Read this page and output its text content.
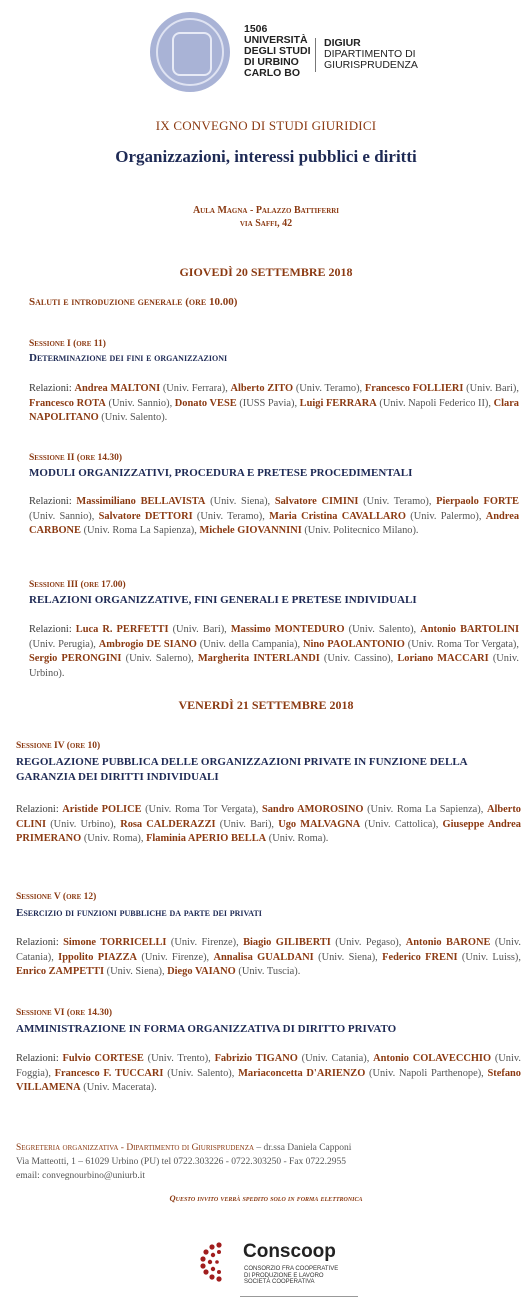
1506
UNIVERSITÀ
DEGLI STUDI
DI URBINO
CARLO BO
DIGIUR
DIPARTIMENTO DI
GIURISPRUDENZA
IX CONVEGNO DI STUDI GIURIDICI
Organizzazioni, interessi pubblici e diritti
Aula Magna - Palazzo Battiferri
via Saffi, 42
GIOVEDÌ 20 SETTEMBRE 2018
Saluti e introduzione generale (ore 10.00)
Sessione I (ore 11)
Determinazione dei fini e organizzazioni
Relazioni: Andrea MALTONI (Univ. Ferrara), Alberto ZITO (Univ. Teramo), Francesco FOLLIERI (Univ. Bari), Francesco ROTA (Univ. Sannio), Donato VESE (IUSS Pavia), Luigi FERRARA (Univ. Napoli Federico II), Clara NAPOLITANO (Univ. Salento).
Sessione II (ore 14.30)
MODULI ORGANIZZATIVI, PROCEDURA E PRETESE PROCEDIMENTALI
Relazioni: Massimiliano BELLAVISTA (Univ. Siena), Salvatore CIMINI (Univ. Teramo), Pierpaolo FORTE (Univ. Sannio), Salvatore DETTORI (Univ. Teramo), Maria Cristina CAVALLARO (Univ. Palermo), Andrea CARBONE (Univ. Roma La Sapienza), Michele GIOVANNINI (Univ. Politecnico Milano).
Sessione III (ore 17.00)
RELAZIONI ORGANIZZATIVE, FINI GENERALI E PRETESE INDIVIDUALI
Relazioni: Luca R. PERFETTI (Univ. Bari), Massimo MONTEDURO (Univ. Salento), Antonio BARTOLINI (Univ. Perugia), Ambrogio DE SIANO (Univ. della Campania), Nino PAOLANTONIO (Univ. Roma Tor Vergata), Sergio PERONGINI (Univ. Salerno), Margherita INTERLANDI (Univ. Cassino), Loriano MACCARI (Univ. Urbino).
VENERDÌ 21 SETTEMBRE 2018
Sessione IV (ore 10)
REGOLAZIONE PUBBLICA DELLE ORGANIZZAZIONI PRIVATE IN FUNZIONE DELLA GARANZIA DEI DIRITTI INDIVIDUALI
Relazioni: Aristide POLICE (Univ. Roma Tor Vergata), Sandro AMOROSINO (Univ. Roma La Sapienza), Alberto CLINI (Univ. Urbino), Rosa CALDERAZZI (Univ. Bari), Ugo MALVAGNA (Univ. Cattolica), Giuseppe Andrea PRIMERANO (Univ. Roma), Flaminia APERIO BELLA (Univ. Roma).
Sessione V (ore 12)
Esercizio di funzioni pubbliche da parte dei privati
Relazioni: Simone TORRICELLI (Univ. Firenze), Biagio GILIBERTI (Univ. Pegaso), Antonio BARONE (Univ. Catania), Ippolito PIAZZA (Univ. Firenze), Annalisa GUALDANI (Univ. Siena), Federico FRENI (Univ. Luiss), Enrico ZAMPETTI (Univ. Siena), Diego VAIANO (Univ. Tuscia).
Sessione VI (ore 14.30)
AMMINISTRAZIONE IN FORMA ORGANIZZATIVA DI DIRITTO PRIVATO
Relazioni: Fulvio CORTESE (Univ. Trento), Fabrizio TIGANO (Univ. Catania), Antonio COLAVECCHIO (Univ. Foggia), Francesco F. TUCCARI (Univ. Salento), Mariaconcetta D'ARIENZO (Univ. Napoli Parthenope), Stefano VILLAMENA (Univ. Macerata).
Segreteria organizzativa - Dipartimento di Giurisprudenza – dr.ssa Daniela Capponi
Via Matteotti, 1 – 61029 Urbino (PU) tel 0722.303226 - 0722.303250 - Fax 0722.2955
email: convegnourbino@uniurb.it
Questo invito verrà spedito solo in forma elettronica
Conscoop
CONSORZIO FRA COOPERATIVE
DI PRODUZIONE E LAVORO
SOCIETÀ COOPERATIVA
